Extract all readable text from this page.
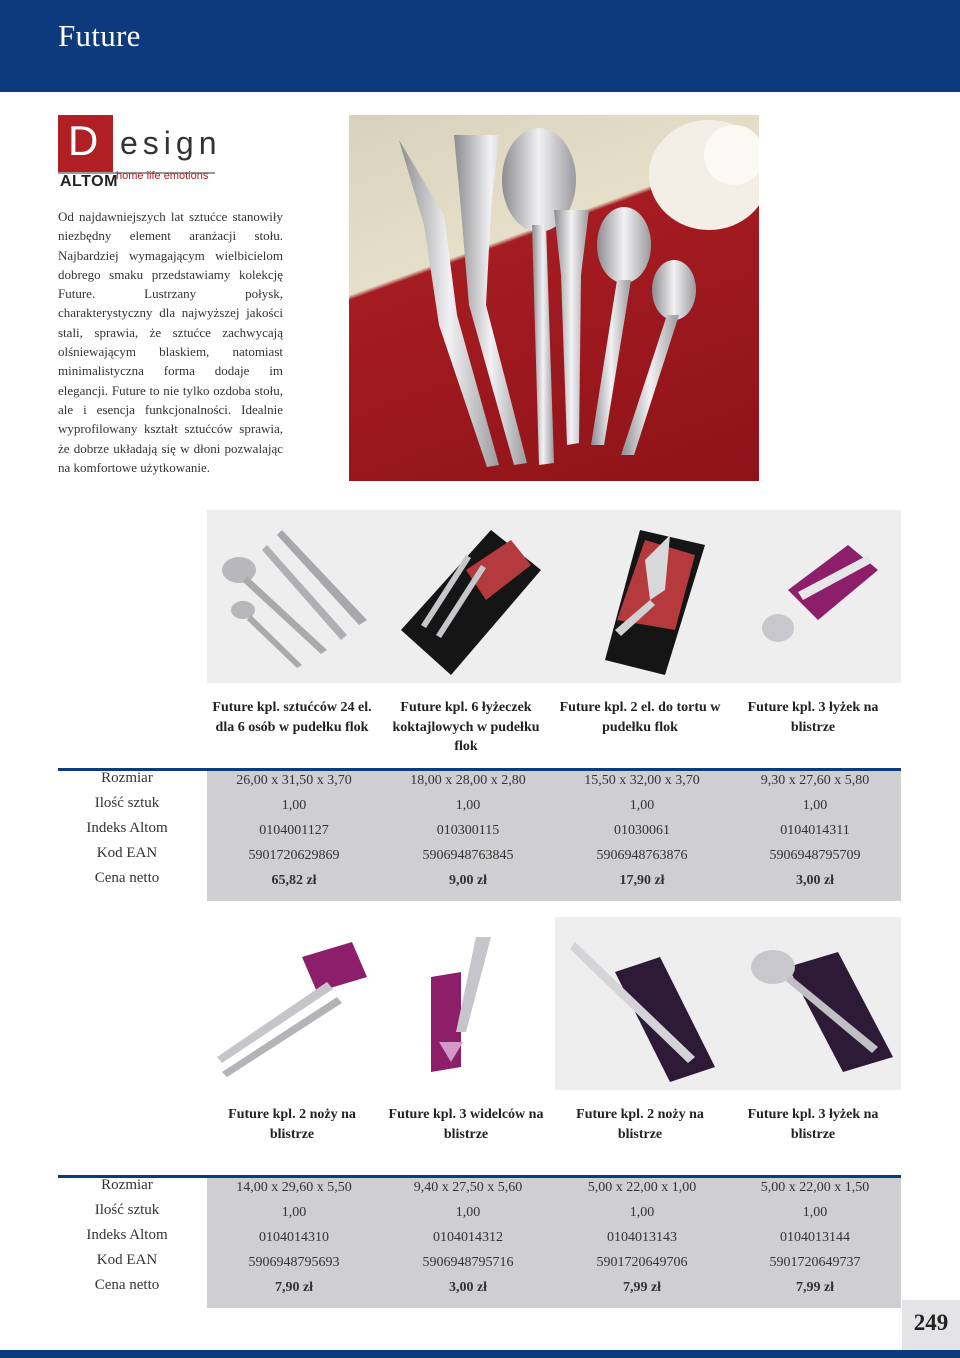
Future
D esign
ALTOM
home life emotions
Od najdawniejszych lat sztućce stanowiły niezbędny element aranżacji stołu. Najbardziej wymagającym wielbicielom dobrego smaku przedstawiamy kolekcję Future. Lustrzany połysk, charakterystyczny dla najwyższej jakości stali, sprawia, że sztućce zachwycają olśniewającym blaskiem, natomiast minimalistyczna forma dodaje im elegancji. Future to nie tylko ozdoba stołu, ale i esencja funkcjonalności. Idealnie wyprofilowany kształt sztućców sprawia, że dobrze układają się w dłoni pozwalając na komfortowe użytkowanie.
Future kpl. sztućców 24 el. dla 6 osób w pudełku flok
Future kpl. 6 łyżeczek koktajlowych w pudełku flok
Future kpl. 2 el. do tortu w pudełku flok
Future kpl. 3 łyżek na blistrze
Rozmiar
Ilość sztuk
Indeks Altom
Kod EAN
Cena netto
26,00 x 31,50 x 3,70	18,00 x 28,00 x 2,80	15,50 x 32,00 x 3,70	9,30 x 27,60 x 5,80
1,00	1,00	1,00	1,00
0104001127	010300115	01030061	0104014311
5901720629869	5906948763845	5906948763876	5906948795709
65,82 zł	9,00 zł	17,90 zł	3,00 zł
Future kpl. 2 noży na blistrze
Future kpl. 3 widelców na blistrze
Future kpl. 2 noży na blistrze
Future kpl. 3 łyżek na blistrze
Rozmiar
Ilość sztuk
Indeks Altom
Kod EAN
Cena netto
14,00 x 29,60 x 5,50	9,40 x 27,50 x 5,60	5,00 x 22,00 x 1,00	5,00 x 22,00 x 1,50
1,00	1,00	1,00	1,00
0104014310	0104014312	0104013143	0104013144
5906948795693	5906948795716	5901720649706	5901720649737
7,90 zł	3,00 zł	7,99 zł	7,99 zł
249
